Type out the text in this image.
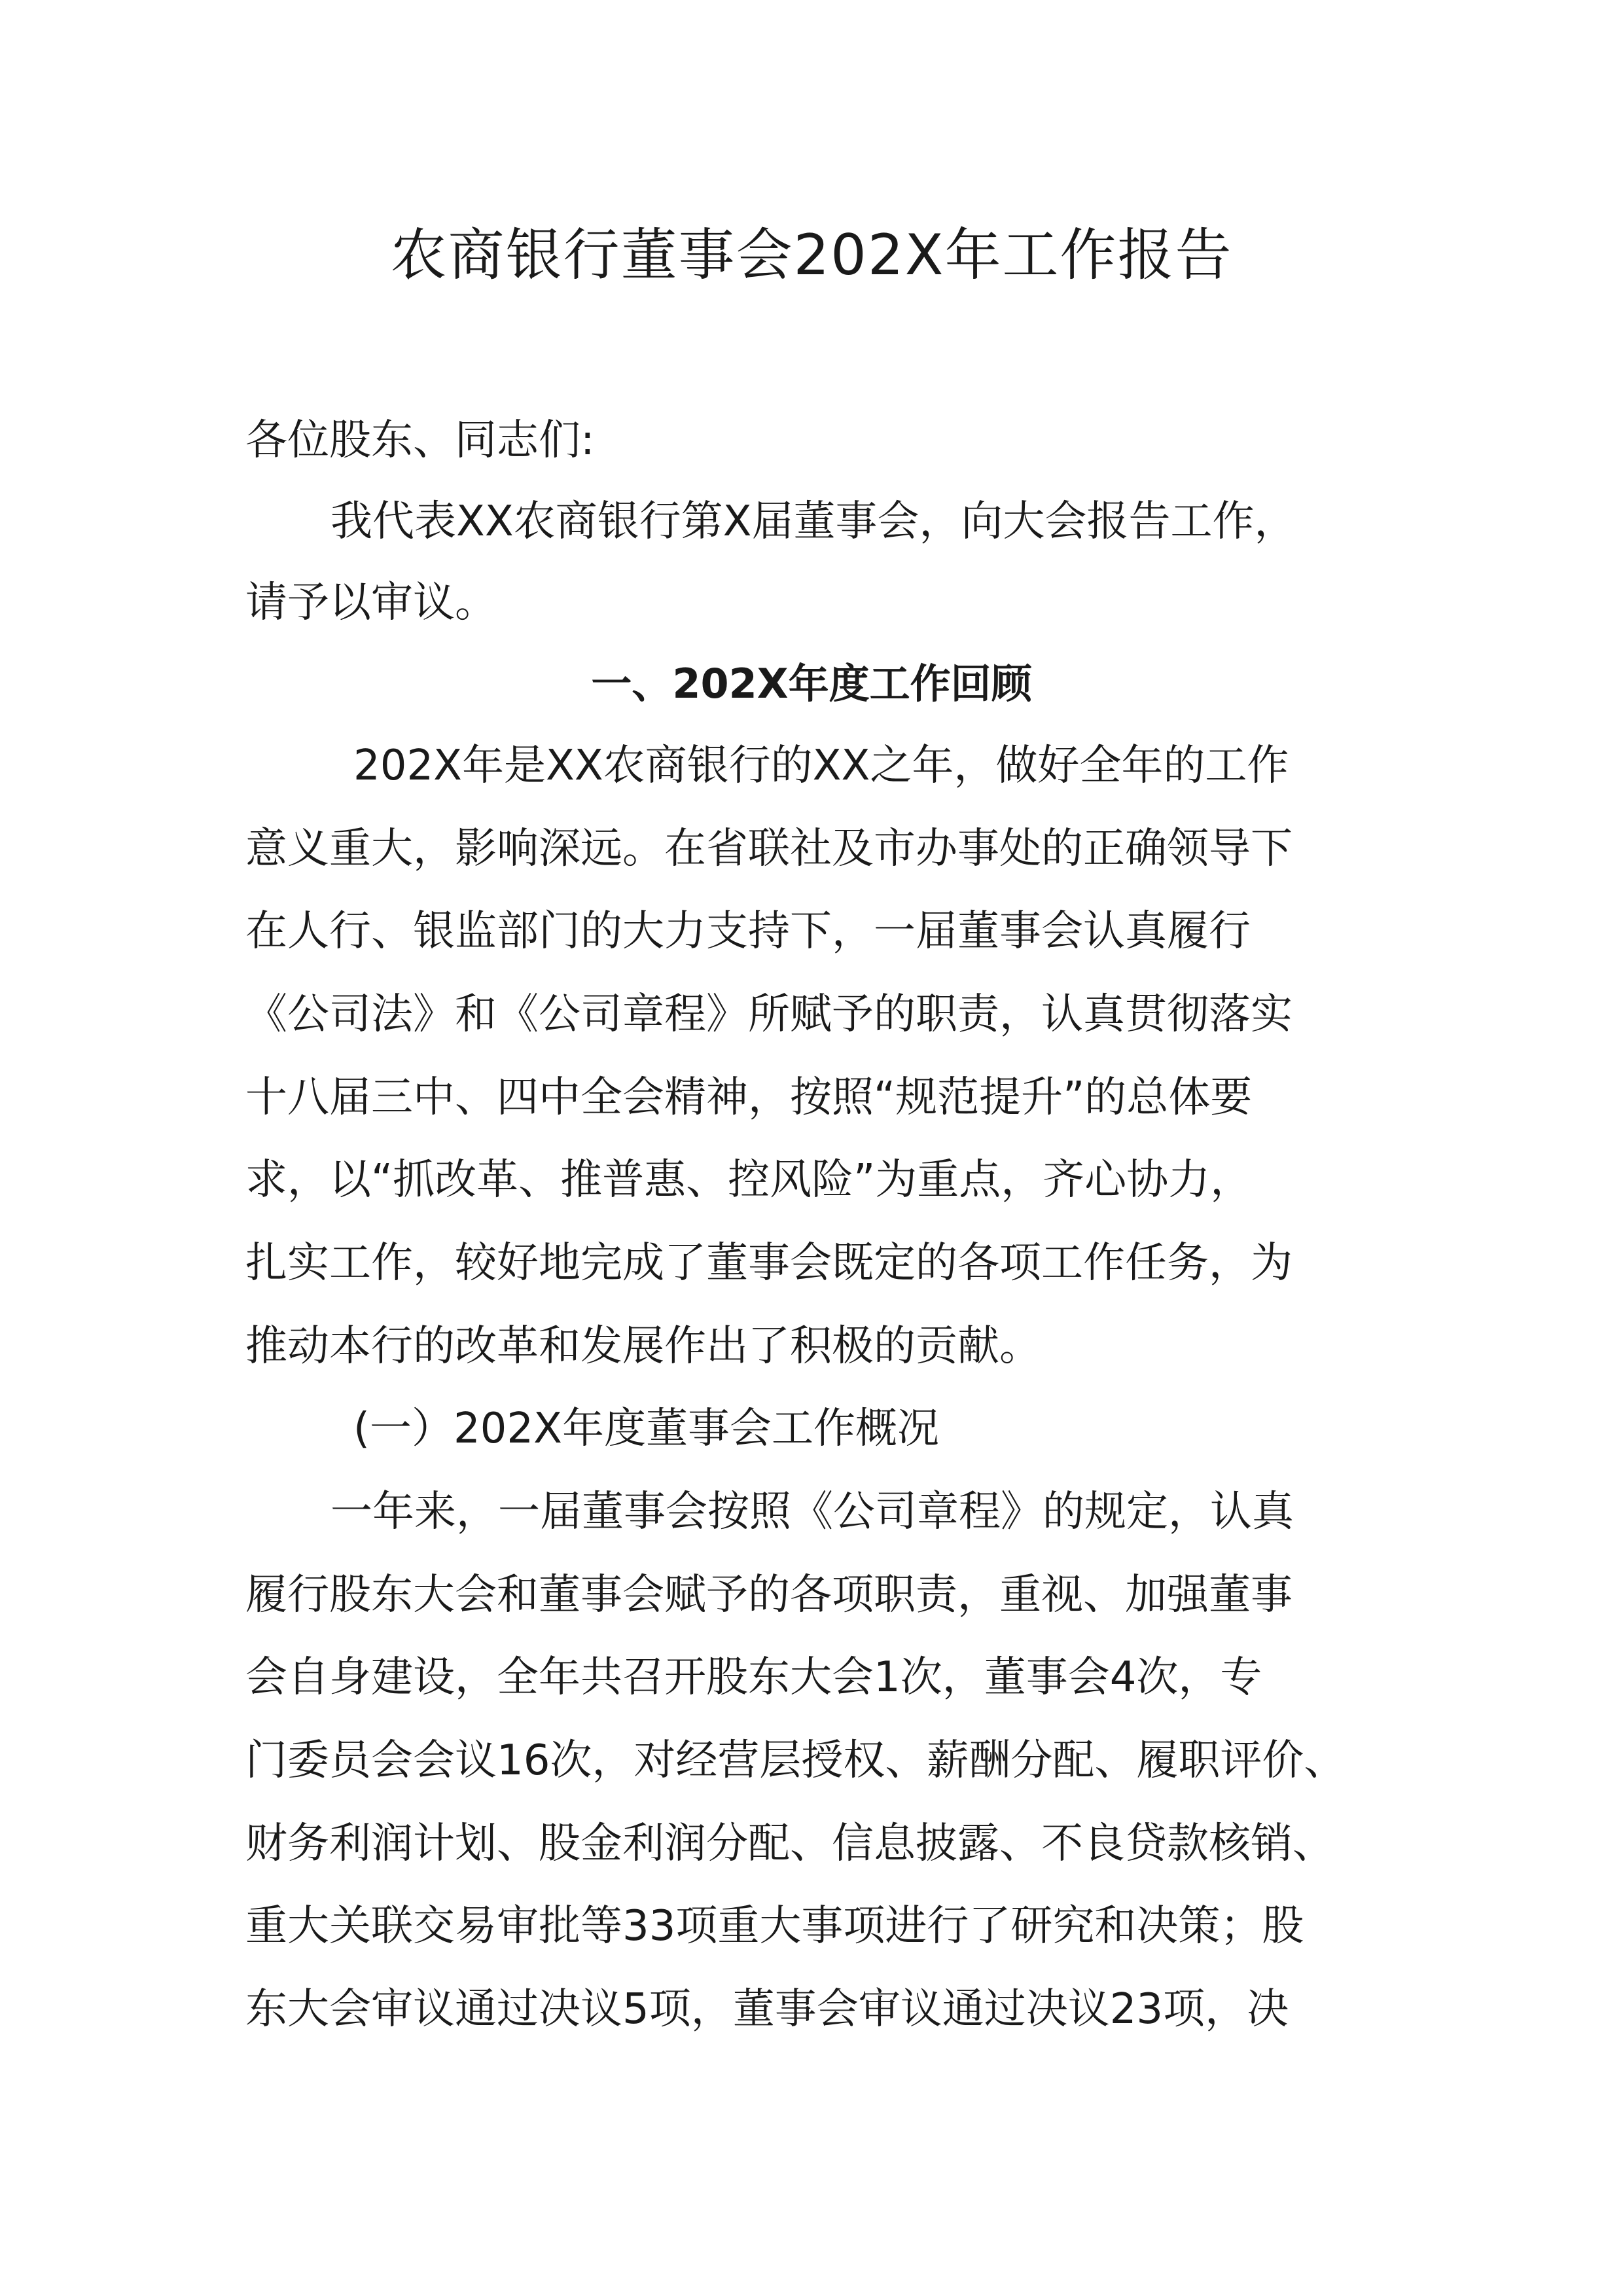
农商银行董事会202X年工作报告

各位股东、同志们:

我代表XX农商银行第X届董事会，向大会报告工作，

请予以审议。

一、202X年度工作回顾

202X年是XX农商银行的XX之年，做好全年的工作

意义重大，影响深远。在省联社及市办事处的正确领导下

在人行、银监部门的大力支持下，一届董事会认真履行

《公司法》和《公司章程》所赋予的职责，认真贯彻落实

十八届三中、四中全会精神，按照“规范提升”的总体要

求，以“抓改革、推普惠、控风险”为重点，齐心协力，

扎实工作，较好地完成了董事会既定的各项工作任务，为

推动本行的改革和发展作出了积极的贡献。

(一）202X年度董事会工作概况

一年来，一届董事会按照《公司章程》的规定，认真

履行股东大会和董事会赋予的各项职责，重视、加强董事

会自身建设，全年共召开股东大会1次，董事会4次，专

门委员会会议16次，对经营层授权、薪酬分配、履职评价、

财务利润计划、股金利润分配、信息披露、不良贷款核销、

重大关联交易审批等33项重大事项进行了研究和决策；股

东大会审议通过决议5项，董事会审议通过决议23项，决
